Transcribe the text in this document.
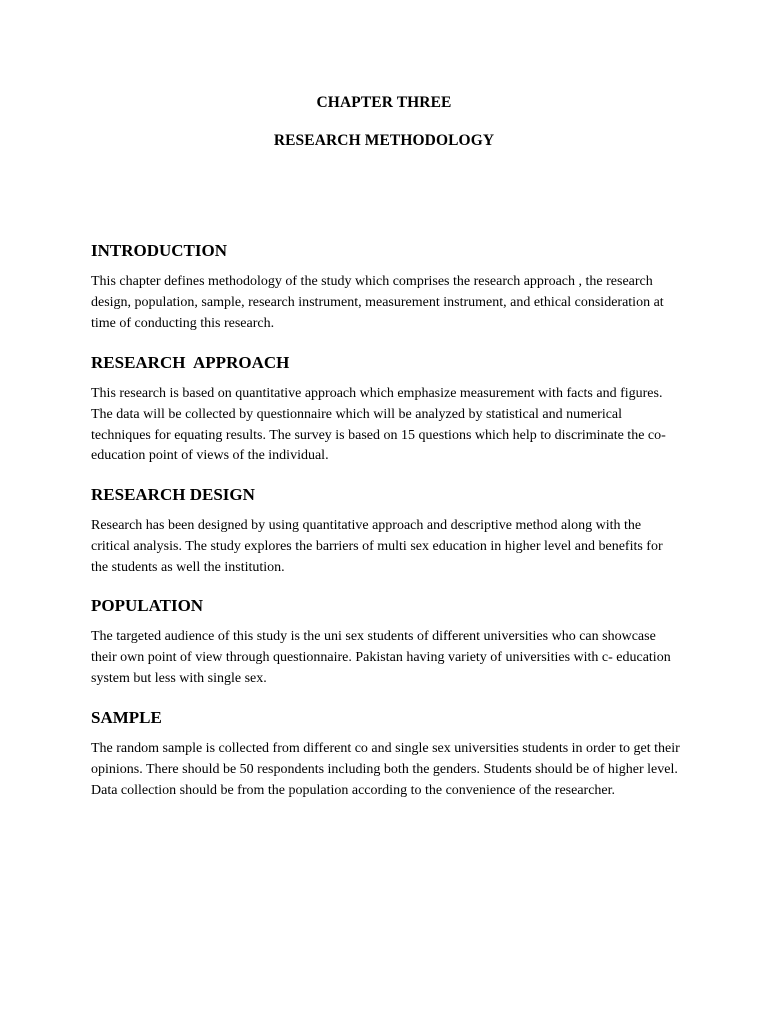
CHAPTER THREE
RESEARCH METHODOLOGY
INTRODUCTION

This chapter defines methodology of the study which comprises the research approach , the research design, population, sample, research instrument, measurement instrument, and ethical consideration at time of conducting this research.

RESEARCH  APPROACH

This research is based on quantitative approach which emphasize measurement with facts and figures. The data will be collected by questionnaire which will be analyzed by statistical and numerical techniques for equating results. The survey is based on 15 questions which help to discriminate the co-education point of views of the individual.

RESEARCH DESIGN

Research has been designed by using quantitative approach and descriptive method along with the critical analysis. The study explores the barriers of multi sex education in higher level and benefits for the students as well the institution.

POPULATION

The targeted audience of this study is the uni sex students of different universities who can showcase their own point of view through questionnaire. Pakistan having variety of universities with c- education system but less with single sex.

SAMPLE

The random sample is collected from different co and single sex universities students in order to get their opinions. There should be 50 respondents including both the genders. Students should be of higher level. Data collection should be from the population according to the convenience of the researcher.
